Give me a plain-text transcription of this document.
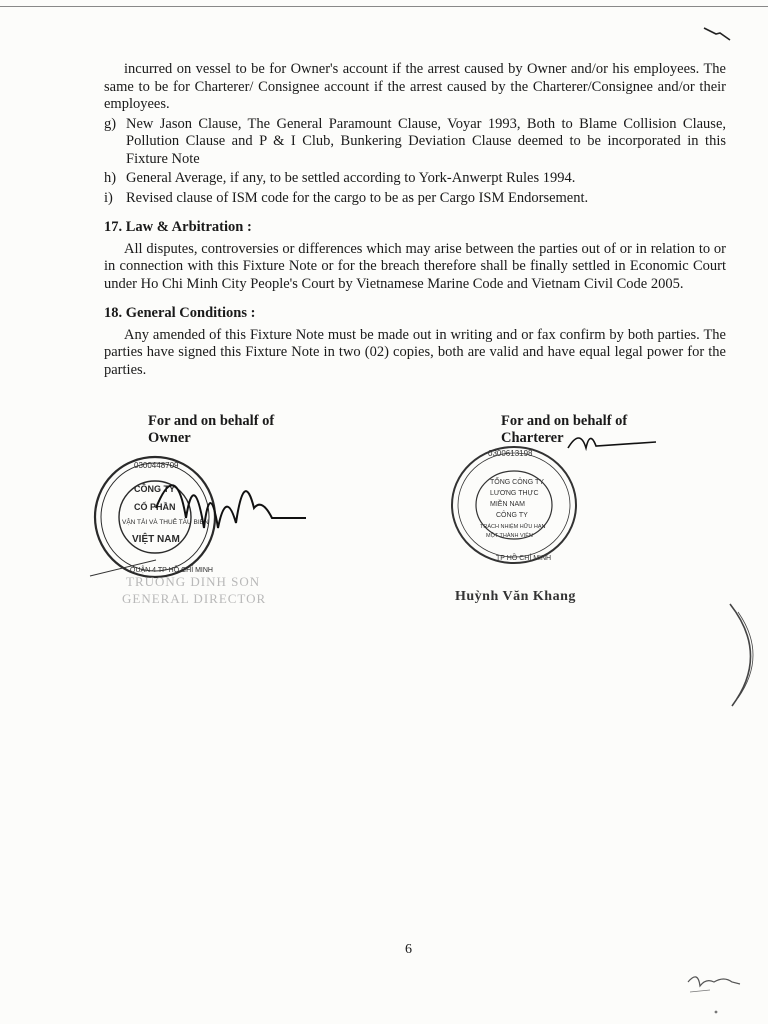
incurred on vessel to be for Owner's account if the arrest caused by Owner and/or his employees. The same to be for Charterer/ Consignee account if the arrest caused by the Charterer/Consignee and/or their employees.

g) New Jason Clause, The General Paramount Clause, Voyar 1993, Both to Blame Collision Clause, Pollution Clause and P & I Club, Bunkering Deviation Clause deemed to be incorporated in this Fixture Note
h) General Average, if any, to be settled according to York-Anwerpt Rules 1994.
i) Revised clause of ISM code for the cargo to be as per Cargo ISM Endorsement.
17. Law & Arbitration :

All disputes, controversies or differences which may arise between the parties out of or in relation to or in connection with this Fixture Note or for the breach therefore shall be finally settled in Economic Court under Ho Chi Minh City People's Court by Vietnamese Marine Code and Vietnam Civil Code 2005.

18. General Conditions :

Any amended of this Fixture Note must be made out in writing and or fax confirm by both parties. The parties have signed this Fixture Note in two (02) copies, both are valid and have equal legal power for the parties.

For and on behalf of
Owner
CÔNG TY
CỔ PHẦN
VẬN TẢI VÀ THUÊ TÀU BIỂN
VIỆT NAM
0300448709
QUẬN 4 TP HỒ CHÍ MINH
TRUONG DINH SON
GENERAL DIRECTOR
For and on behalf of
Charterer
0300613198
TỔNG CÔNG TY
LƯƠNG THỰC
MIỀN NAM
CÔNG TY
TRÁCH NHIỆM HỮU HẠN
MỘT THÀNH VIÊN
TP HỒ CHÍ MINH
Huỳnh Văn Khang
6
